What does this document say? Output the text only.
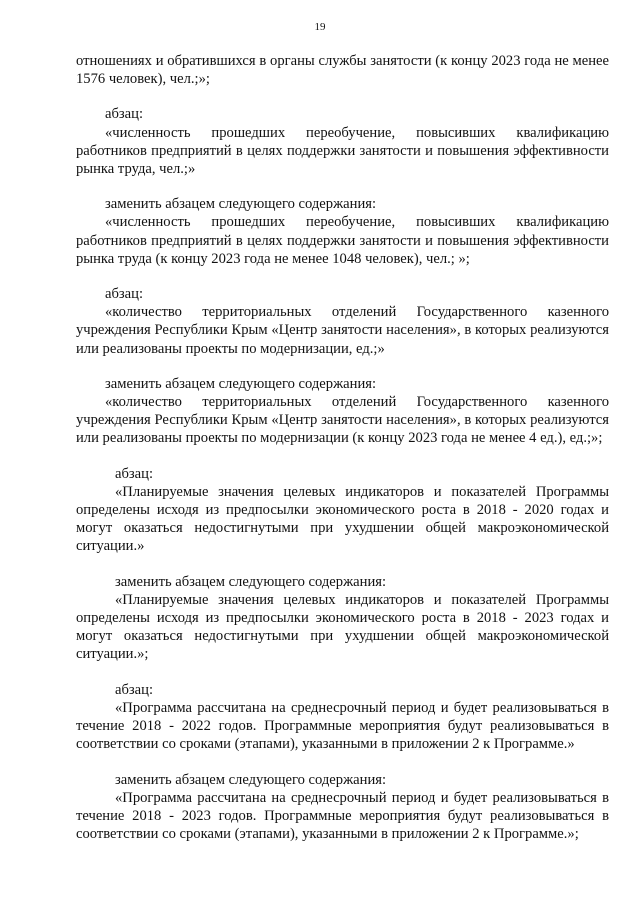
19

отношениях и обратившихся в органы службы занятости (к концу 2023 года не менее 1576 человек), чел.;»;

абзац:

«численность прошедших переобучение, повысивших квалификацию работников предприятий в целях поддержки занятости и повышения эффективности рынка труда, чел.;»

заменить абзацем следующего содержания:

«численность прошедших переобучение, повысивших квалификацию работников предприятий в целях поддержки занятости и повышения эффективности рынка труда (к концу 2023 года не менее 1048 человек), чел.; »;

абзац:

«количество территориальных отделений Государственного казенного учреждения Республики Крым «Центр занятости населения», в которых реализуются или реализованы проекты по модернизации, ед.;»

заменить абзацем следующего содержания:

«количество территориальных отделений Государственного казенного учреждения Республики Крым «Центр занятости населения», в которых реализуются или реализованы проекты по модернизации (к концу 2023 года не менее 4 ед.), ед.;»;

абзац:

«Планируемые значения целевых индикаторов и показателей Программы определены исходя из предпосылки экономического роста в 2018 - 2020 годах и могут оказаться недостигнутыми при ухудшении общей макроэкономической ситуации.»

заменить абзацем следующего содержания:

«Планируемые значения целевых индикаторов и показателей Программы определены исходя из предпосылки экономического роста в 2018 - 2023 годах и могут оказаться недостигнутыми при ухудшении общей макроэкономической ситуации.»;

абзац:

«Программа рассчитана на среднесрочный период и будет реализовываться в течение 2018 - 2022 годов. Программные мероприятия будут реализовываться в соответствии со сроками (этапами), указанными в приложении 2 к Программе.»

заменить абзацем следующего содержания:

«Программа рассчитана на среднесрочный период и будет реализовываться в течение 2018 - 2023 годов. Программные мероприятия будут реализовываться в соответствии со сроками (этапами), указанными в приложении 2 к Программе.»;
